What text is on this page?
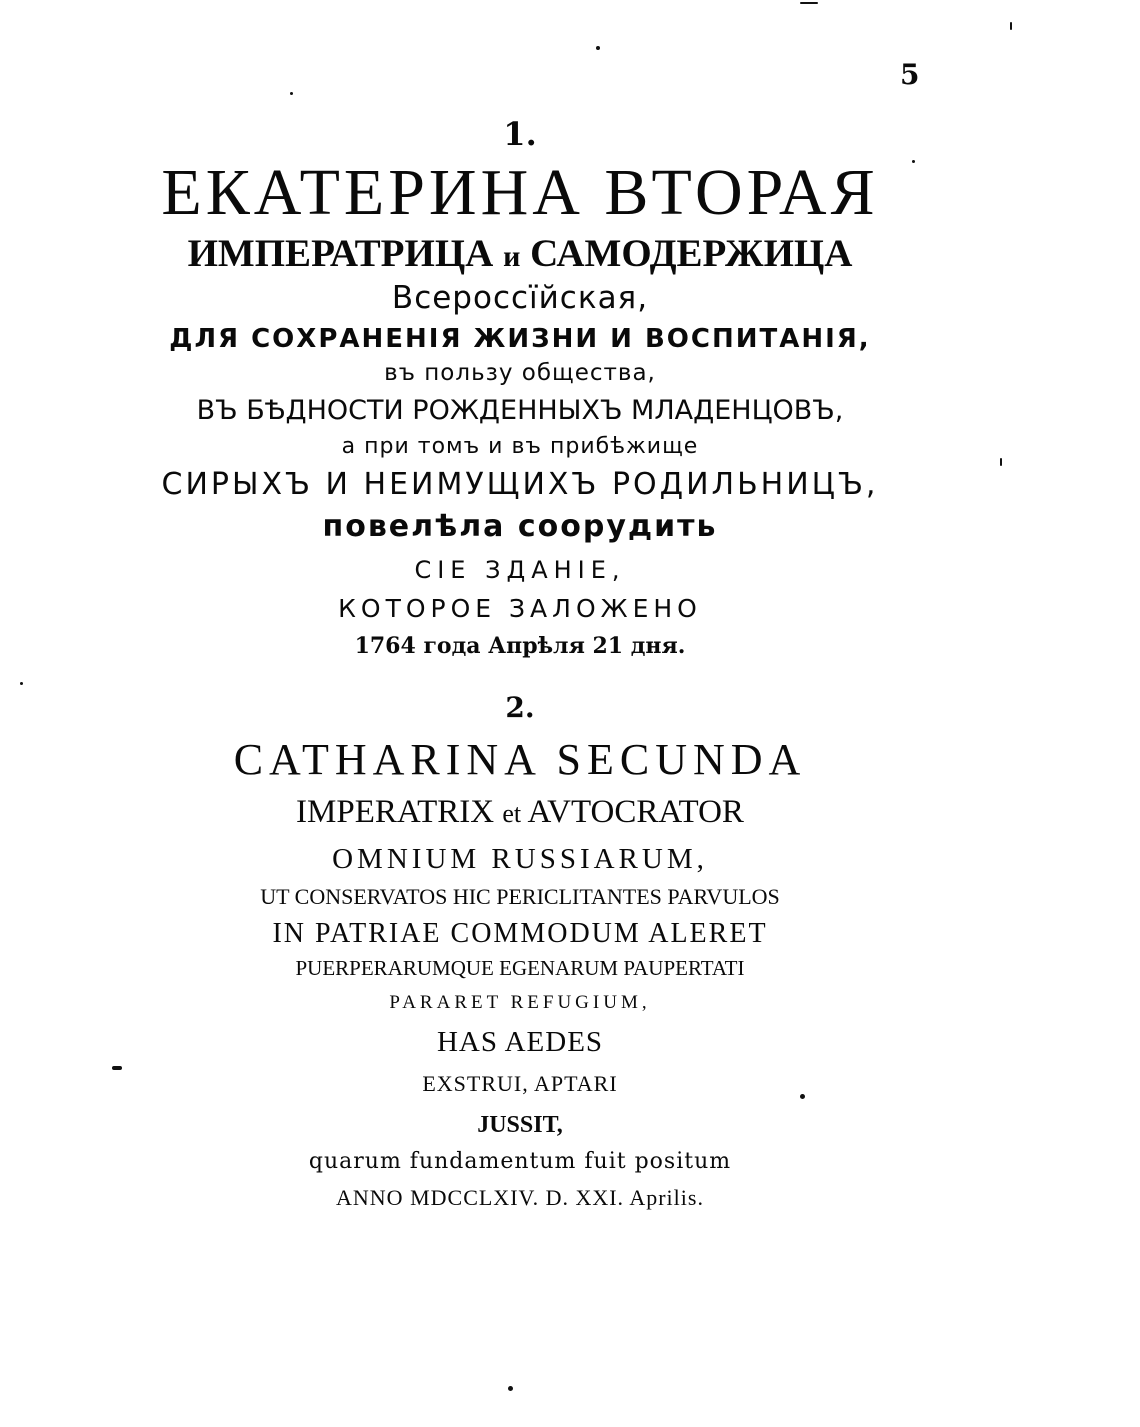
5
1.
ЕКАТЕРИНА ВТОРАЯ
ИМПЕРАТРИЦА и САМОДЕРЖИЦА
Всероссïйская,
ДЛЯ СОХРАНЕНIЯ ЖИЗНИ И ВОСПИТАНIЯ,
въ пользу общества,
ВЪ БѢДНОСТИ РОЖДЕННЫХЪ МЛАДЕНЦОВЪ,
а при томъ и въ прибѣжище
СИРЫХЪ И НЕИМУЩИХЪ РОДИЛЬНИЦЪ,
повелѣла соорудить
СIЕ ЗДАНIЕ,
КОТОРОЕ ЗАЛОЖЕНО
1764 года Апрѣля 21 дня.
2.
CATHARINA SECUNDA
IMPERATRIX et AVTOCRATOR
OMNIUM RUSSIARUM,
UT CONSERVATOS HIC PERICLITANTES PARVULOS
IN PATRIAE COMMODUM ALERET
PUERPERARUMQUE EGENARUM PAUPERTATI
PARARET REFUGIUM,
HAS AEDES
EXSTRUI, APTARI
JUSSIT,
quarum fundamentum fuit positum
ANNO MDCCLXIV. D. XXI. Aprilis.
